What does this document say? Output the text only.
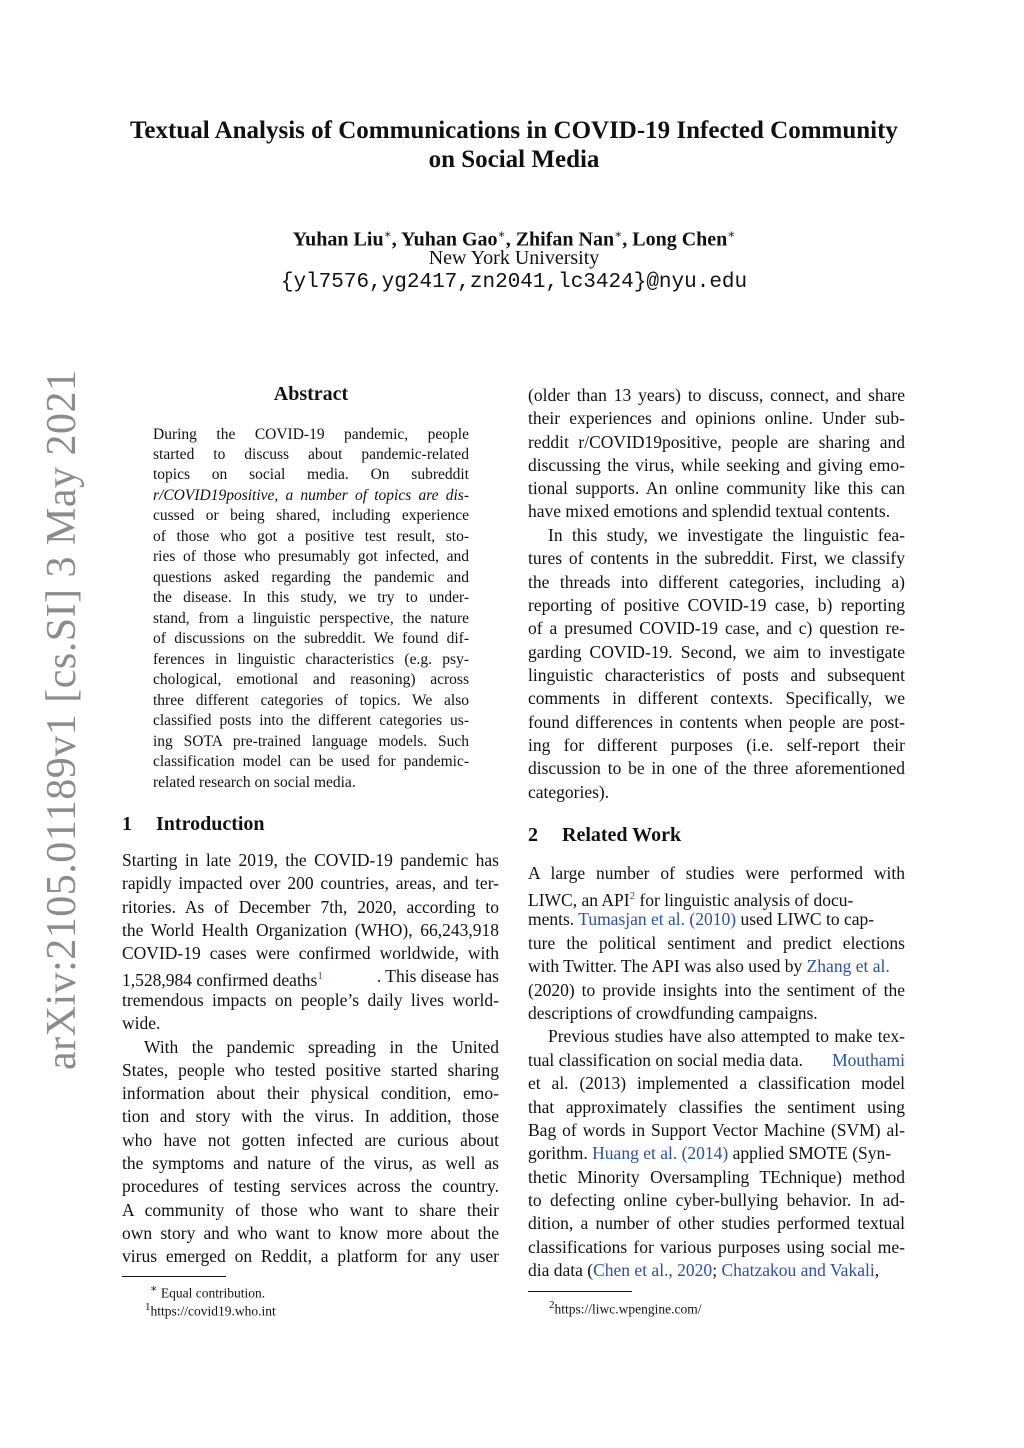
arXiv:2105.01189v1 [cs.SI] 3 May 2021
Textual Analysis of Communications in COVID-19 Infected Community
on Social Media
Yuhan Liu∗, Yuhan Gao∗, Zhifan Nan∗, Long Chen∗
New York University
{yl7576,yg2417,zn2041,lc3424}@nyu.edu
Abstract
During the COVID-19 pandemic, people
started to discuss about pandemic-related
topics on social media. On subreddit
r/COVID19positive, a number of topics are dis-
cussed or being shared, including experience
of those who got a positive test result, sto-
ries of those who presumably got infected, and
questions asked regarding the pandemic and
the disease. In this study, we try to under-
stand, from a linguistic perspective, the nature
of discussions on the subreddit. We found dif-
ferences in linguistic characteristics (e.g. psy-
chological, emotional and reasoning) across
three different categories of topics. We also
classified posts into the different categories us-
ing SOTA pre-trained language models. Such
classification model can be used for pandemic-
related research on social media.
1 Introduction
Starting in late 2019, the COVID-19 pandemic has
rapidly impacted over 200 countries, areas, and ter-
ritories. As of December 7th, 2020, according to
the World Health Organization (WHO), 66,243,918
COVID-19 cases were confirmed worldwide, with
1,528,984 confirmed deaths$^1$	. This disease has
tremendous impacts on people’s daily lives world-
wide.
With the pandemic spreading in the United
States, people who tested positive started sharing
information about their physical condition, emo-
tion and story with the virus. In addition, those
who have not gotten infected are curious about
the symptoms and nature of the virus, as well as
procedures of testing services across the country.
A community of those who want to share their
own story and who want to know more about the
virus emerged on Reddit, a platform for any user
∗ Equal contribution.
$^1$https://covid19.who.int
(older than 13 years) to discuss, connect, and share
their experiences and opinions online. Under sub-
reddit r/COVID19positive, people are sharing and
discussing the virus, while seeking and giving emo-
tional supports. An online community like this can
have mixed emotions and splendid textual contents.
In this study, we investigate the linguistic fea-
tures of contents in the subreddit. First, we classify
the threads into different categories, including a)
reporting of positive COVID-19 case, b) reporting
of a presumed COVID-19 case, and c) question re-
garding COVID-19. Second, we aim to investigate
linguistic characteristics of posts and subsequent
comments in different contexts. Specifically, we
found differences in contents when people are post-
ing for different purposes (i.e. self-report their
discussion to be in one of the three aforementioned
categories).
2 Related Work
A large number of studies were performed with
LIWC, an API$^2$ for linguistic analysis of docu-
ments. Tumasjan et al. (2010) used LIWC to cap-
ture the political sentiment and predict elections
with Twitter. The API was also used by Zhang et al.
(2020) to provide insights into the sentiment of the
descriptions of crowdfunding campaigns.
Previous studies have also attempted to make tex-
tual classification on social media data. Mouthami
et al. (2013) implemented a classification model
that approximately classifies the sentiment using
Bag of words in Support Vector Machine (SVM) al-
gorithm. Huang et al. (2014) applied SMOTE (Syn-
thetic Minority Oversampling TEchnique) method
to defecting online cyber-bullying behavior. In ad-
dition, a number of other studies performed textual
classifications for various purposes using social me-
dia data (Chen et al., 2020; Chatzakou and Vakali,
$^2$https://liwc.wpengine.com/
